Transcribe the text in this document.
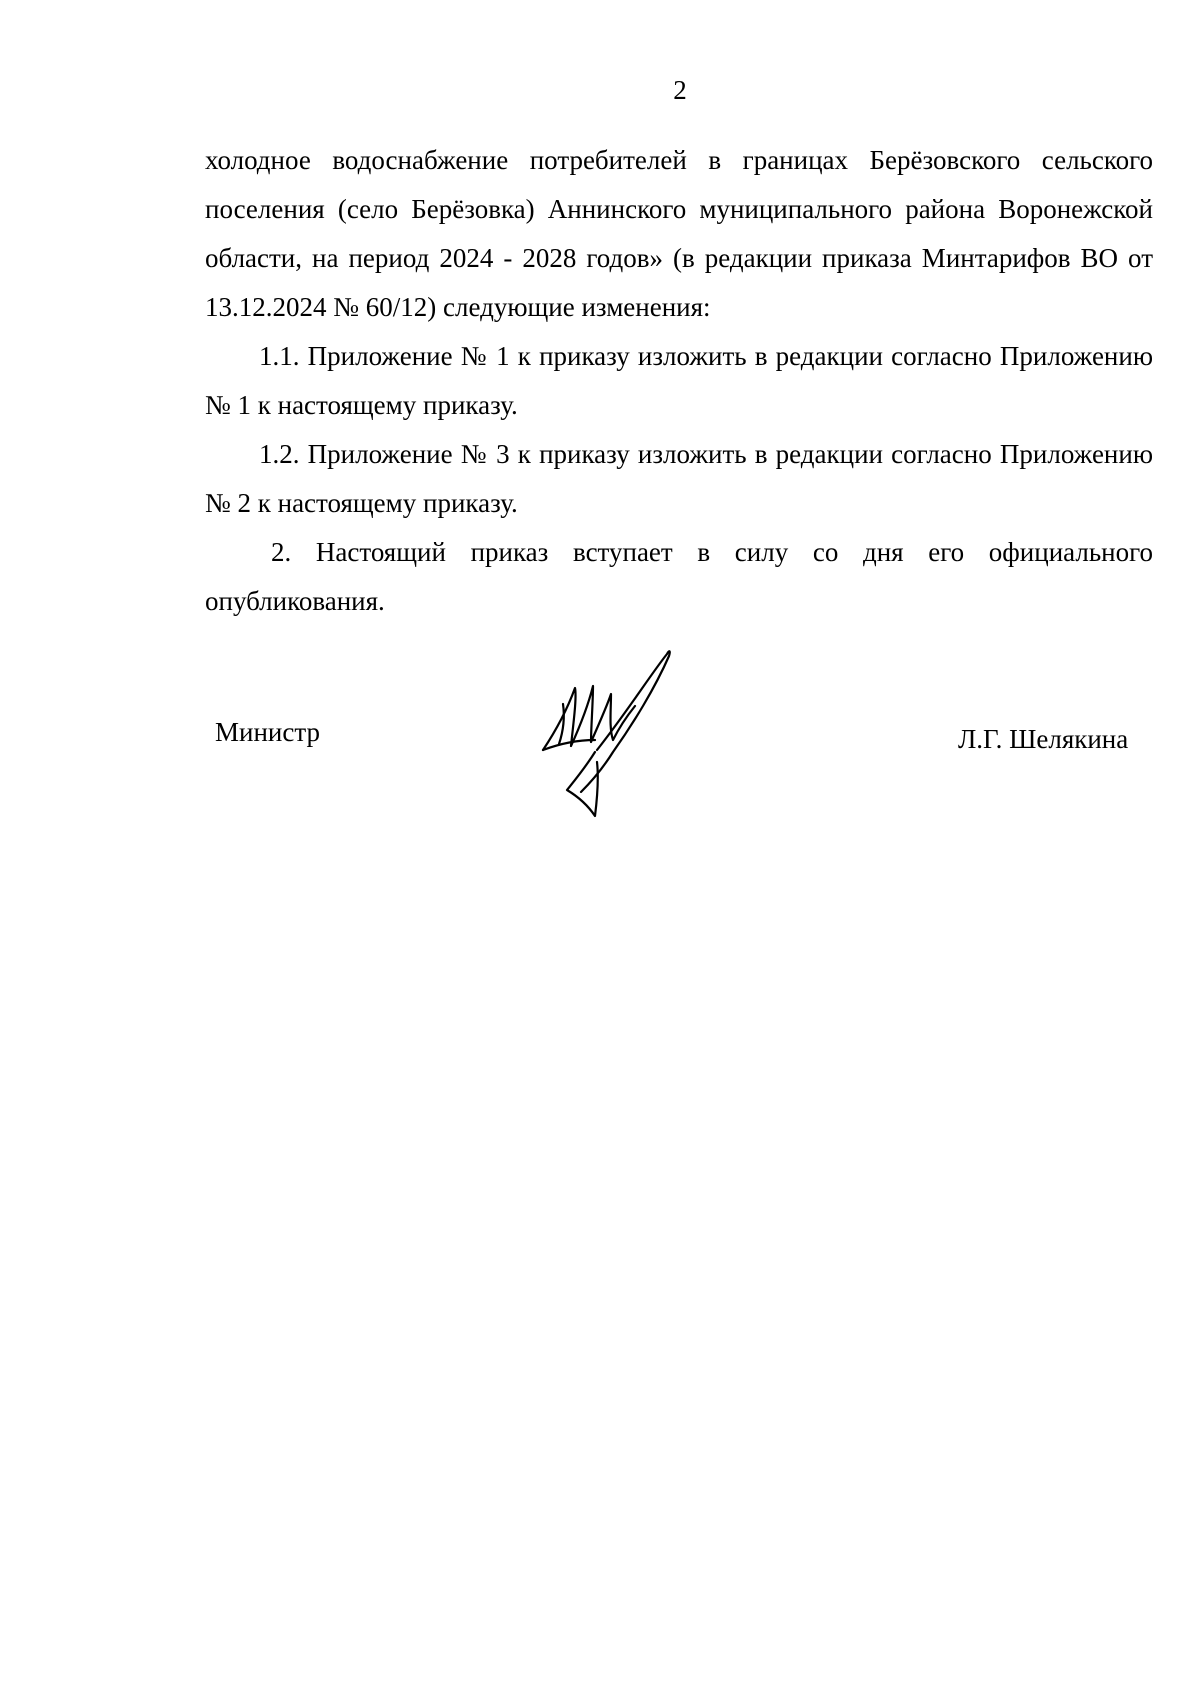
2

холодное водоснабжение потребителей в границах Берёзовского сельского поселения (село Берёзовка) Аннинского муниципального района Воронежской области, на период 2024 - 2028 годов» (в редакции приказа Минтарифов ВО от 13.12.2024 № 60/12) следующие изменения:

1.1. Приложение № 1 к приказу изложить в редакции согласно Приложению № 1 к настоящему приказу.

1.2. Приложение № 3 к приказу изложить в редакции согласно Приложению № 2 к настоящему приказу.

2. Настоящий приказ вступает в силу со дня его официального опубликования.

Министр	Л.Г. Шелякина
